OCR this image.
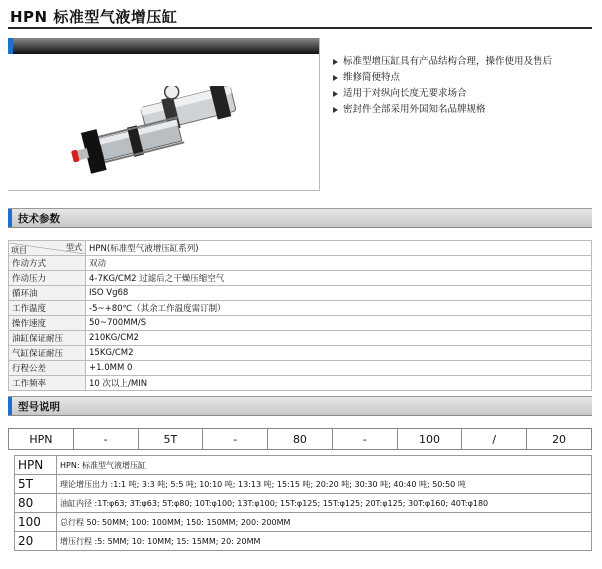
HPN 标准型气液增压缸
标准型增压缸具有产品结构合理，操作使用及售后
维修简便特点
适用于对纵向长度无要求场合
密封件全部采用外国知名品牌规格
技术参数
型式
项目	HPN(标准型气液增压缸系列)
作动方式	双动
作动压力	4-7KG/CM2 过滤后之干燥压缩空气
循环油	ISO Vg68
工作温度	-5~+80℃（其余工作温度需订制）
操作速度	50~700MM/S
油缸保证耐压	210KG/CM2
气缸保证耐压	15KG/CM2
行程公差	+1.0MM 0
工作频率	10 次以上/MIN
型号说明
HPN	-	5T	-	80	-	100	/	20
HPN	HPN: 标准型气液增压缸
5T	理论增压出力 :1:1 吨; 3:3 吨; 5:5 吨; 10:10 吨; 13:13 吨; 15:15 吨; 20:20 吨; 30:30 吨; 40:40 吨; 50:50 吨
80	油缸内径 :1T:φ63; 3T:φ63; 5T:φ80; 10T:φ100; 13T:φ100; 15T:φ125; 15T:φ125; 20T:φ125; 30T:φ160; 40T:φ180
100	总行程 50: 50MM; 100: 100MM; 150: 150MM; 200: 200MM
20	增压行程 :5: 5MM; 10: 10MM; 15: 15MM; 20: 20MM
